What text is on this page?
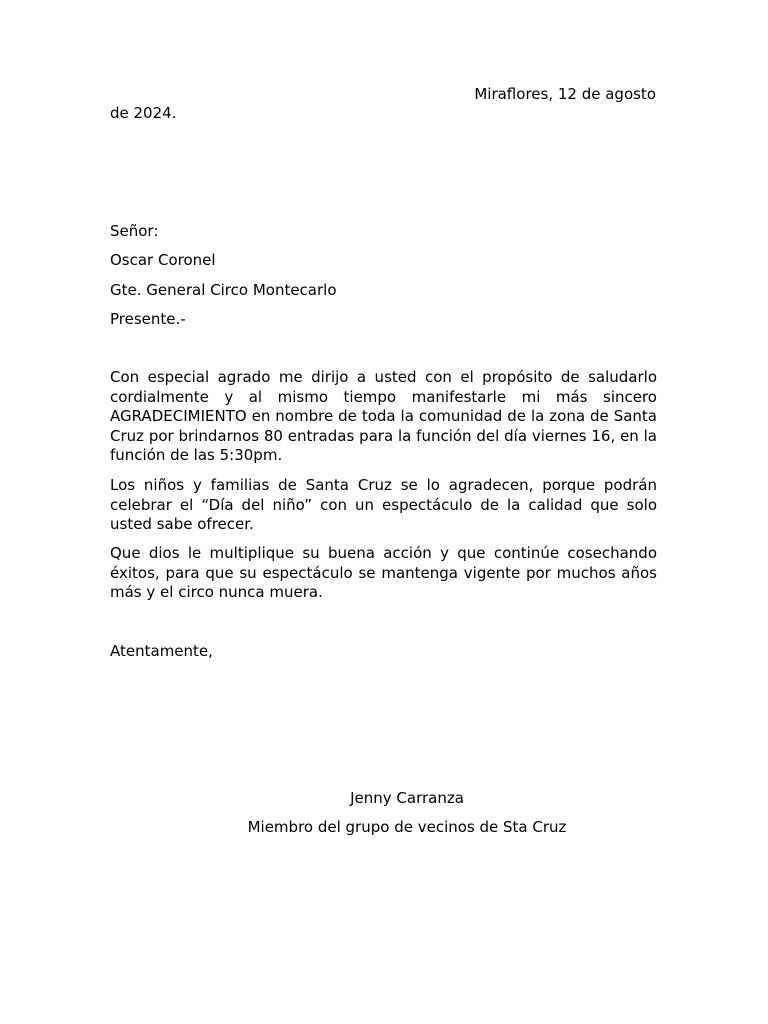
Miraflores, 12 de agosto
de 2024.
Señor:
Oscar Coronel
Gte. General Circo Montecarlo
Presente.-
Con especial agrado me dirijo a usted con el propósito de saludarlo cordialmente y al mismo tiempo manifestarle mi más sincero AGRADECIMIENTO en nombre de toda la comunidad de la zona de Santa Cruz por brindarnos 80 entradas para la función del día viernes 16, en la función de las 5:30pm.
Los niños y familias de Santa Cruz se lo agradecen, porque podrán celebrar el “Día del niño” con un espectáculo de la calidad que solo usted sabe ofrecer.
Que dios le multiplique su buena acción y que continúe cosechando éxitos, para que su espectáculo se mantenga vigente por muchos años más y el circo nunca muera.
Atentamente,
Jenny Carranza
Miembro del grupo de vecinos de Sta Cruz
